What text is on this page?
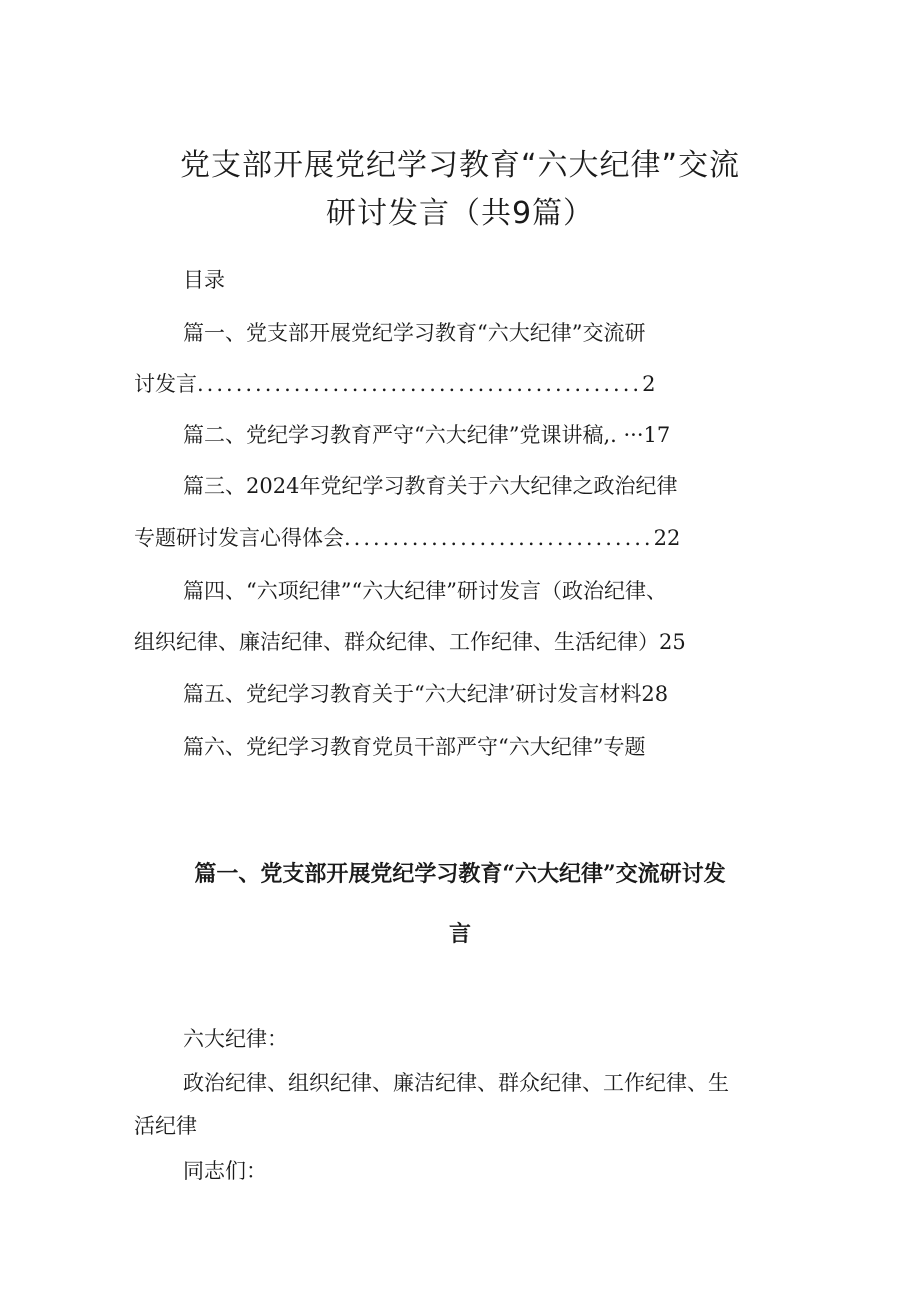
党支部开展党纪学习教育“六大纪律”交流
研讨发言（共9篇）
目录
篇一、党支部开展党纪学习教育“六大纪律”交流研
讨发言..............................................2
篇二、党纪学习教育严守“六大纪律”党课讲稿,. ···17
篇三、2024年党纪学习教育关于六大纪律之政治纪律
专题研讨发言心得体会................................22
篇四、“六项纪律”“六大纪律”研讨发言（政治纪律、
组织纪律、廉洁纪律、群众纪律、工作纪律、生活纪律）25
篇五、党纪学习教育关于“六大纪津’研讨发言材料28
篇六、党纪学习教育党员干部严守“六大纪律”专题
篇一、党支部开展党纪学习教育“六大纪律”交流研讨发
言
六大纪律：
政治纪律、组织纪律、廉洁纪律、群众纪律、工作纪律、生
活纪律
同志们：
